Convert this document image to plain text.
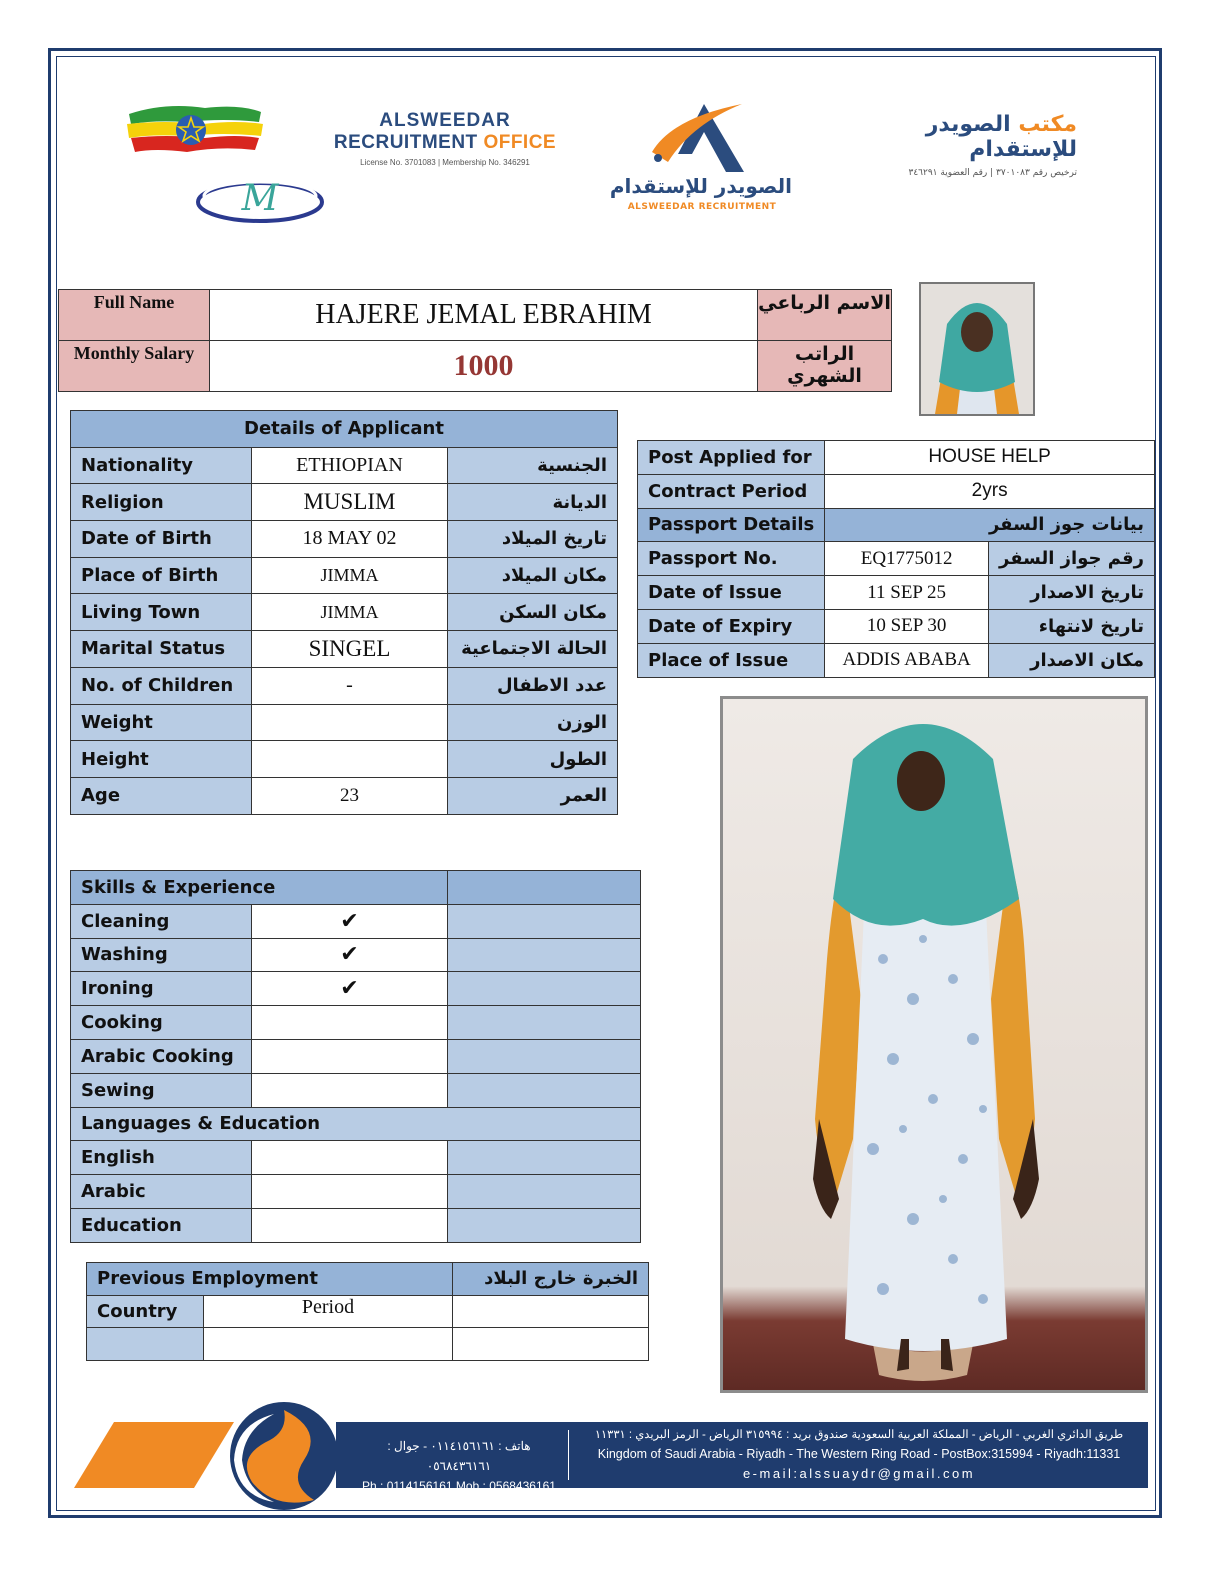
M
ALSWEEDAR
RECRUITMENT OFFICE
License No. 3701083 | Membership No. 346291
الصويدر للإستقدام
ALSWEEDAR RECRUITMENT
مكتب الصويدر للإستقدام
ترخيص رقم ٣٧٠١٠٨٣ | رقم العضوية ٣٤٦٢٩١
Full Name	HAJERE JEMAL EBRAHIM	الاسم الرباعي
Monthly Salary	1000	الراتب الشهري
Details of Applicant		
Nationality	ETHIOPIAN	الجنسية
Religion	MUSLIM	الديانة
Date of Birth	18 MAY 02	تاريخ الميلاد
Place of Birth	JIMMA	مكان الميلاد
Living Town	JIMMA	مكان السكن
Marital Status	SINGEL	الحالة الاجتماعية
No. of Children	-	عدد الاطفال
Weight		الوزن
Height		الطول
Age	23	العمر
Post Applied for	HOUSE HELP	
Contract Period	2yrs	
Passport Details	بيانات جوز السفر	
Passport No.	EQ1775012	رقم جواز السفر
Date of Issue	11 SEP 25	تاريخ الاصدار
Date of Expiry	10 SEP 30	تاريخ لانتهاء
Place of Issue	ADDIS ABABA	مكان الاصدار
Skills & Experience		
Cleaning	✔	
Washing	✔	
Ironing	✔	
Cooking		
Arabic Cooking		
Sewing		
Languages & Education		
English		
Arabic		
Education		
Previous Employment		الخبرة خارج البلاد
Country	Period	

هاتف : ٠١١٤١٥٦١٦١ - جوال : ٠٥٦٨٤٣٦١٦١
Ph : 0114156161 Mob : 0568436161
طريق الدائري الغربي - الرياض - المملكة العربية السعودية صندوق بريد : ٣١٥٩٩٤ الرياض - الرمز البريدي : ١١٣٣١
Kingdom of Saudi Arabia - Riyadh - The Western Ring Road - PostBox:315994 - Riyadh:11331
e-mail:alssuaydr@gmail.com
